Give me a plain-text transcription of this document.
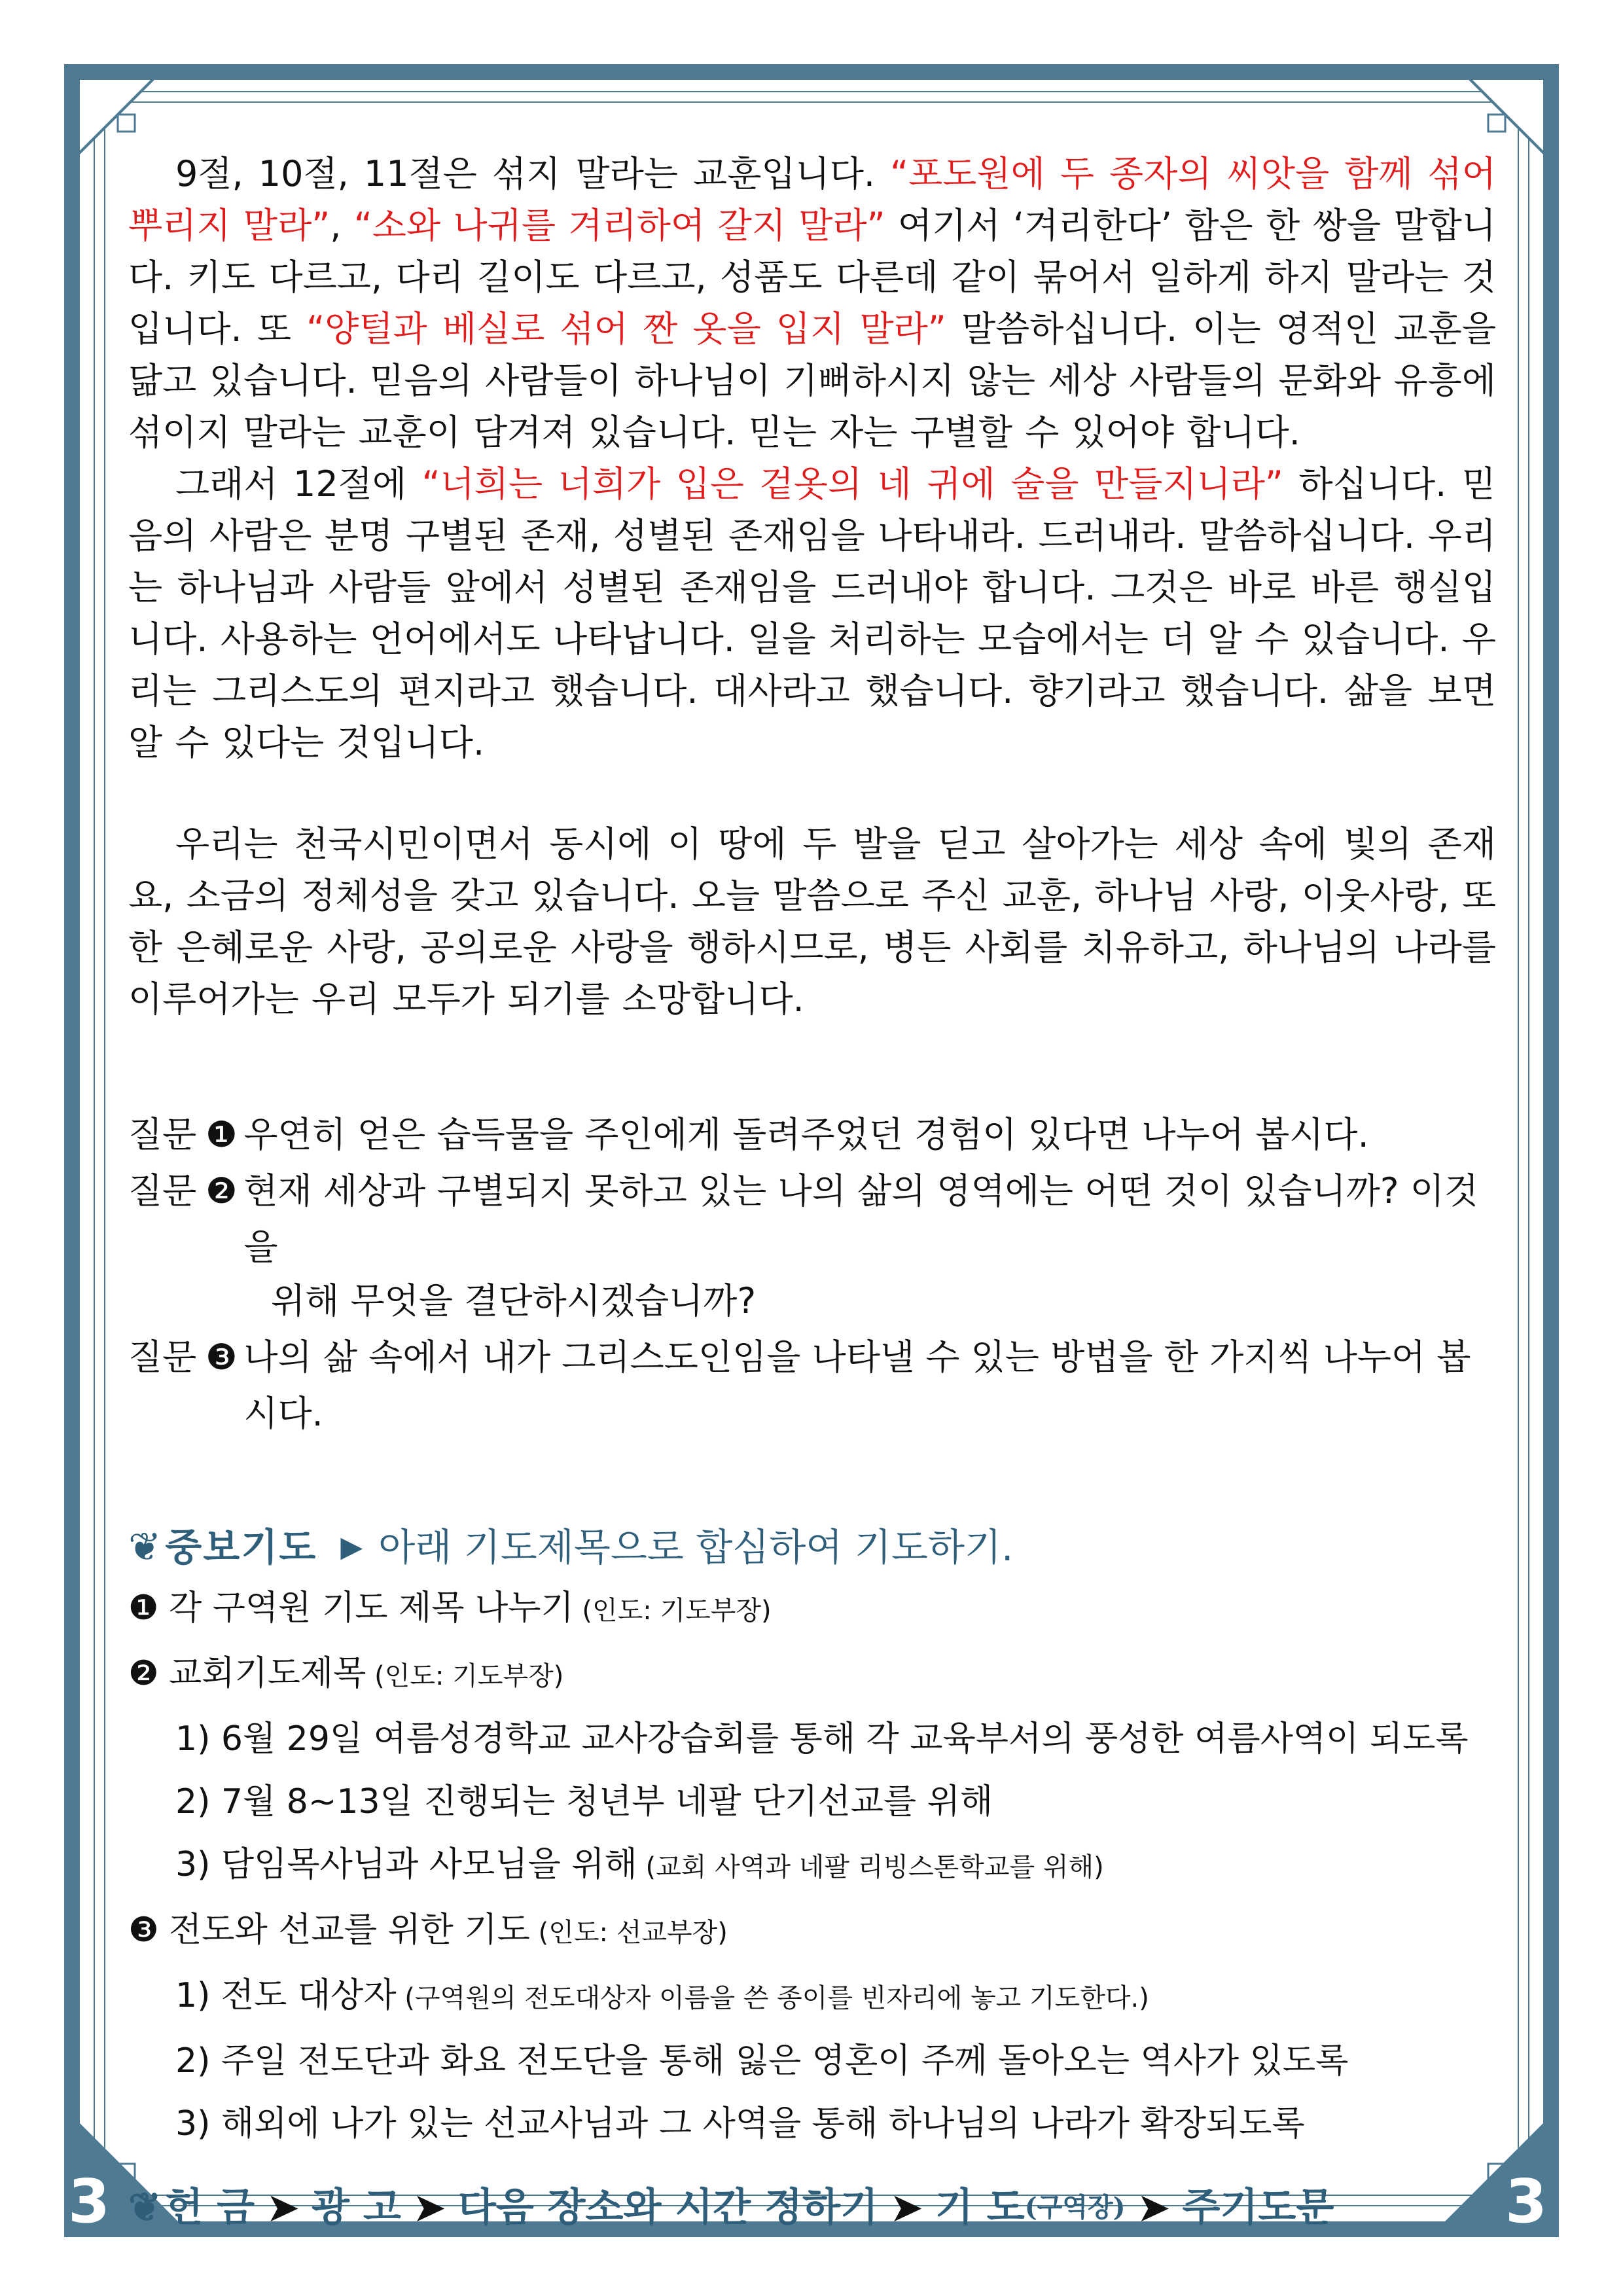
3	3

9절, 10절, 11절은 섞지 말라는 교훈입니다. “포도원에 두 종자의 씨앗을 함께 섞어 뿌리지 말라”, “소와 나귀를 겨리하여 갈지 말라” 여기서 ‘겨리한다’ 함은 한 쌍을 말합니다. 키도 다르고, 다리 길이도 다르고, 성품도 다른데 같이 묶어서 일하게 하지 말라는 것입니다. 또 “양털과 베실로 섞어 짠 옷을 입지 말라” 말씀하십니다. 이는 영적인 교훈을 닮고 있습니다. 믿음의 사람들이 하나님이 기뻐하시지 않는 세상 사람들의 문화와 유흥에 섞이지 말라는 교훈이 담겨져 있습니다. 믿는 자는 구별할 수 있어야 합니다.

그래서 12절에 “너희는 너희가 입은 겉옷의 네 귀에 술을 만들지니라” 하십니다. 믿음의 사람은 분명 구별된 존재, 성별된 존재임을 나타내라. 드러내라. 말씀하십니다. 우리는 하나님과 사람들 앞에서 성별된 존재임을 드러내야 합니다. 그것은 바로 바른 행실입니다. 사용하는 언어에서도 나타납니다. 일을 처리하는 모습에서는 더 알 수 있습니다. 우리는 그리스도의 편지라고 했습니다. 대사라고 했습니다. 향기라고 했습니다. 삶을 보면 알 수 있다는 것입니다.

우리는 천국시민이면서 동시에 이 땅에 두 발을 딛고 살아가는 세상 속에 빛의 존재요, 소금의 정체성을 갖고 있습니다. 오늘 말씀으로 주신 교훈, 하나님 사랑, 이웃사랑, 또한 은혜로운 사랑, 공의로운 사랑을 행하시므로, 병든 사회를 치유하고, 하나님의 나라를 이루어가는 우리 모두가 되기를 소망합니다.

질문 ❶ 우연히 얻은 습득물을 주인에게 돌려주었던 경험이 있다면 나누어 봅시다.
질문 ❷ 현재 세상과 구별되지 못하고 있는 나의 삶의 영역에는 어떤 것이 있습니까? 이것을
위해 무엇을 결단하시겠습니까?
질문 ❸ 나의 삶 속에서 내가 그리스도인임을 나타낼 수 있는 방법을 한 가지씩 나누어 봅시다.
❦ 중보기도 ▶ 아래 기도제목으로 합심하여 기도하기.
❶ 각 구역원 기도 제목 나누기 (인도: 기도부장)
❷ 교회기도제목 (인도: 기도부장)
1) 6월 29일 여름성경학교 교사강습회를 통해 각 교육부서의 풍성한 여름사역이 되도록
2) 7월 8~13일 진행되는 청년부 네팔 단기선교를 위해
3) 담임목사님과 사모님을 위해 (교회 사역과 네팔 리빙스톤학교를 위해)
❸ 전도와 선교를 위한 기도 (인도: 선교부장)
1) 전도 대상자 (구역원의 전도대상자 이름을 쓴 종이를 빈자리에 놓고 기도한다.)
2) 주일 전도단과 화요 전도단을 통해 잃은 영혼이 주께 돌아오는 역사가 있도록
3) 해외에 나가 있는 선교사님과 그 사역을 통해 하나님의 나라가 확장되도록
❦ 헌 금 ➤ 광 고 ➤ 다음 장소와 시간 정하기 ➤ 기 도 (구역장) ➤ 주기도문
